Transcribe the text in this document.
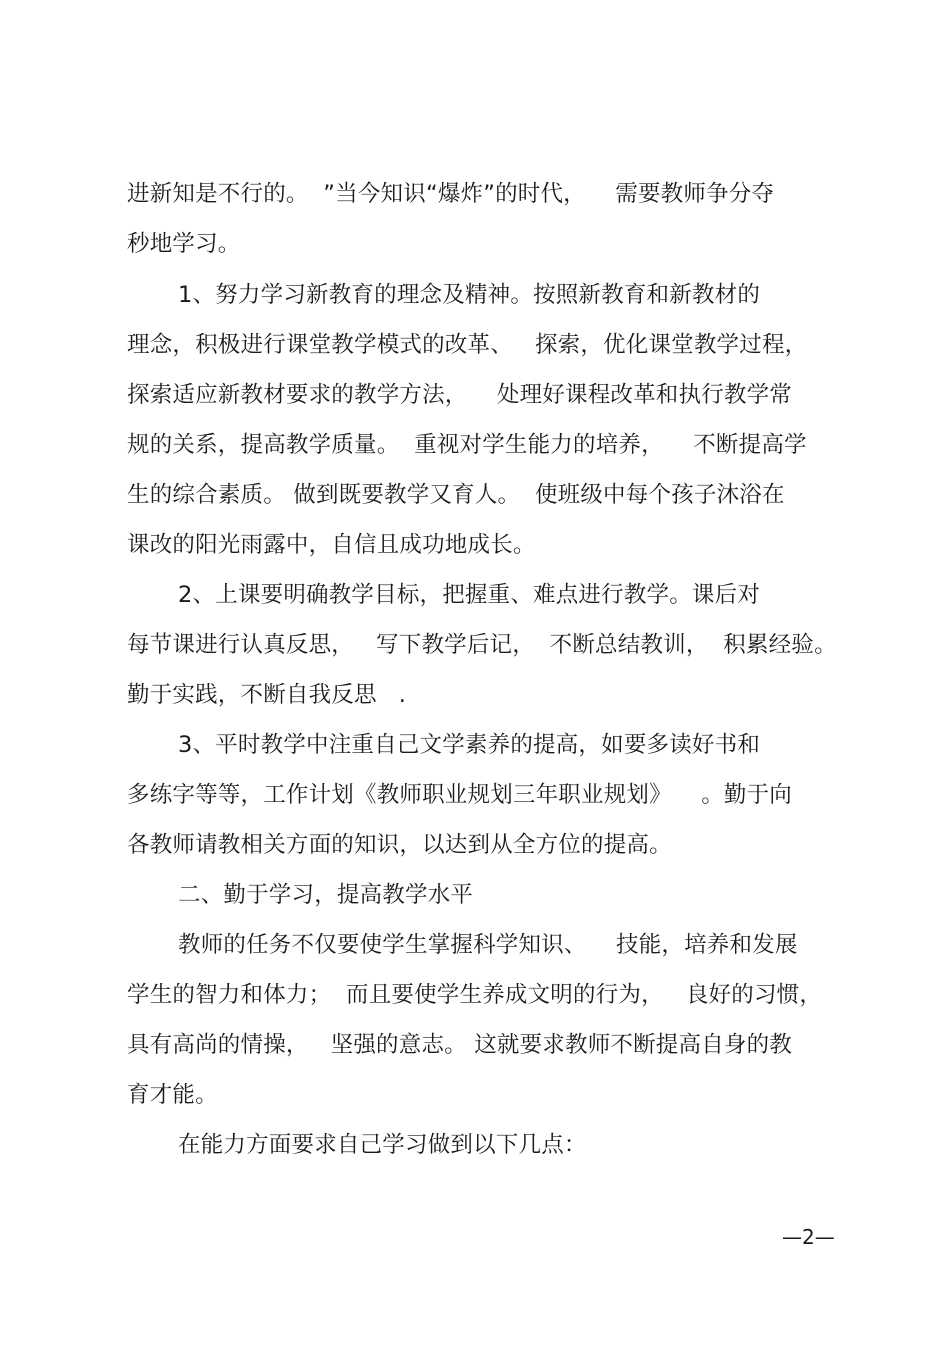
进新知是不行的。  ”当今知识“爆炸”的时代，    需要教师争分夺
秒地学习。
1、努力学习新教育的理念及精神。按照新教育和新教材的
理念，积极进行课堂教学模式的改革、   探索，优化课堂教学过程，
探索适应新教材要求的教学方法，    处理好课程改革和执行教学常
规的关系，提高教学质量。  重视对学生能力的培养，    不断提高学
生的综合素质。 做到既要教学又育人。  使班级中每个孩子沐浴在
课改的阳光雨露中，自信且成功地成长。
2、上课要明确教学目标，把握重、难点进行教学。课后对
每节课进行认真反思，   写下教学后记，  不断总结教训，  积累经验。
勤于实践，不断自我反思   .
3、平时教学中注重自己文学素养的提高，如要多读好书和
多练字等等，工作计划《教师职业规划三年职业规划》    。勤于向
各教师请教相关方面的知识，以达到从全方位的提高。
二、勤于学习，提高教学水平
教师的任务不仅要使学生掌握科学知识、    技能，培养和发展
学生的智力和体力；  而且要使学生养成文明的行为，   良好的习惯，
具有高尚的情操，   坚强的意志。 这就要求教师不断提高自身的教
育才能。
在能力方面要求自己学习做到以下几点：
—2—
